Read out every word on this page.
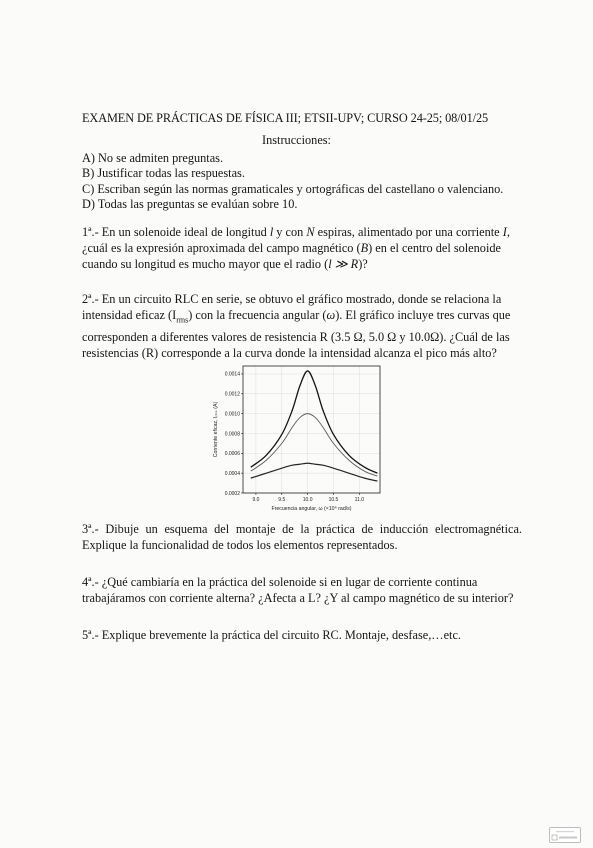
EXAMEN DE PRÁCTICAS DE FÍSICA III; ETSII-UPV; CURSO 24-25; 08/01/25
Instrucciones:
A) No se admiten preguntas.
B) Justificar todas las respuestas.
C) Escriban según las normas gramaticales y ortográficas del castellano o valenciano.
D) Todas las preguntas se evalúan sobre 10.
1ª.- En un solenoide ideal de longitud l y con N espiras, alimentado por una corriente I,
¿cuál es la expresión aproximada del campo magnético (B) en el centro del solenoide
cuando su longitud es mucho mayor que el radio (l ≫ R)?
2ª.- En un circuito RLC en serie, se obtuvo el gráfico mostrado, donde se relaciona la
intensidad eficaz $(I_{rms})$ con la frecuencia angular (ω). El gráfico incluye tres curvas que
corresponden a diferentes valores de resistencia R (3.5 Ω, 5.0 Ω y 10.0Ω). ¿Cuál de las
resistencias (R) corresponde a la curva donde la intensidad alcanza el pico más alto?
0.0002
0.0004
0.0006
0.0008
0.0010
0.0012
0.0014
9.0	9.5	10.0	10.5	11.0
Frecuencia angular, ω (×10⁴ rad/s)
Corriente eficaz, Iᵣₘₛ (A)
3ª.- Dibuje un esquema del montaje de la práctica de inducción electromagnética.
Explique la funcionalidad de todos los elementos representados.
4ª.- ¿Qué cambiaría en la práctica del solenoide si en lugar de corriente continua
trabajáramos con corriente alterna? ¿Afecta a L? ¿Y al campo magnético de su interior?
5ª.- Explique brevemente la práctica del circuito RC. Montaje, desfase,…etc.
